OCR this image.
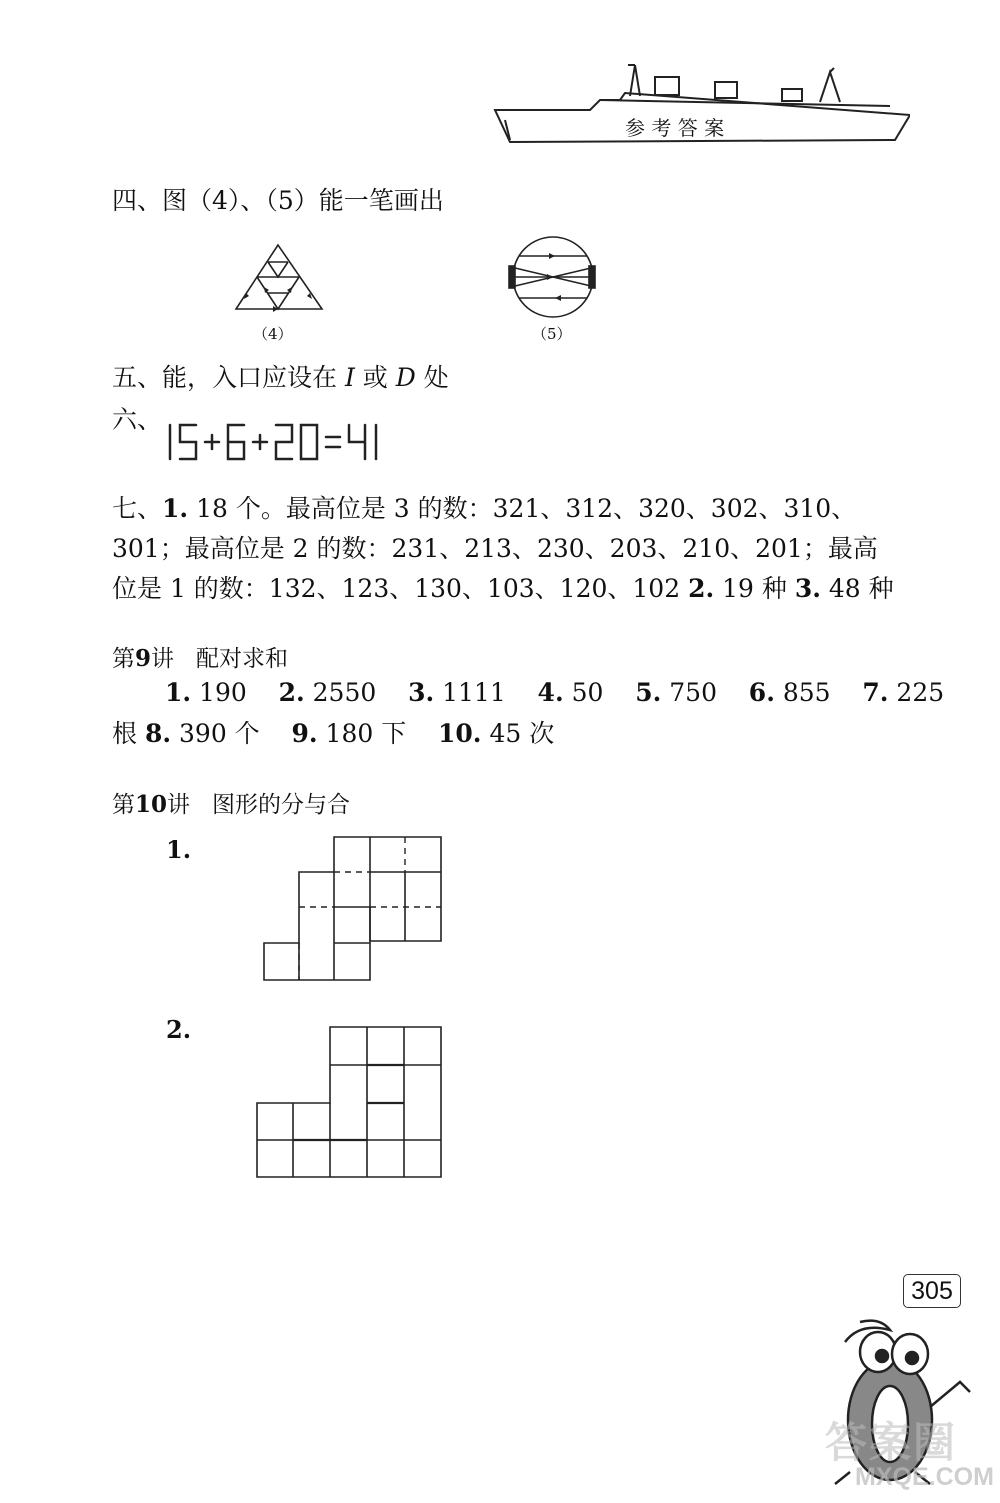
参 考 答 案
四、图（4）、（5）能一笔画出
（4）	（5）
五、能，入口应设在 I 或 D 处
六、
七、1. 18 个。最高位是 3 的数：321、312、320、302、310、
301；最高位是 2 的数：231、213、230、203、210、201；最高
位是 1 的数：132、123、130、103、120、102 2. 19 种 3. 48 种
第9讲 配对求和
1. 190 2. 2550 3. 1111 4. 50 5. 750 6. 855 7. 225
根 8. 390 个 9. 180 下 10. 45 次
第10讲 图形的分与合
1.
2.
305
答案圈
MXQE.COM
